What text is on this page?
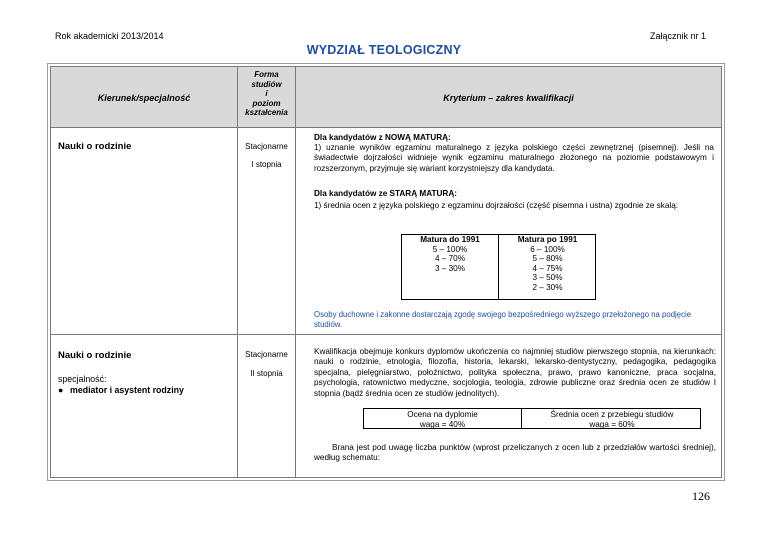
Rok akademicki 2013/2014	Załącznik nr 1
WYDZIAŁ TEOLOGICZNY
Kierunek/specjalność
Forma
studiów
i
poziom
kształcenia
Kryterium – zakres kwalifikacji
Nauki o rodzinie	Stacjonarne
I stopnia
Dla kandydatów z NOWĄ MATURĄ:
1) uznanie wyników egzaminu maturalnego z języka polskiego części zewnętrznej (pisemnej). Jeśli na świadectwie dojrzałości widnieje wynik egzaminu maturalnego złożonego na poziomie podstawowym i rozszerzonym, przyjmuje się wariant korzystniejszy dla kandydata.
Dla kandydatów ze STARĄ MATURĄ:
1) średnia ocen z języka polskiego z egzaminu dojrzałości (część pisemna i ustna) zgodnie ze skalą:
Matura do 1991
5 – 100%
4 – 70%
3 – 30%
Matura po 1991
6 – 100%
5 – 80%
4 – 75%
3 – 50%
2 – 30%
Osoby duchowne i zakonne dostarczają zgodę swojego bezpośredniego wyższego przełożonego na podjęcie studiów.
Nauki o rodzinie
specjalność:
● mediator i asystent rodziny
Stacjonarne
II stopnia
Kwalifikacja obejmuje konkurs dyplomów ukończenia co najmniej studiów pierwszego stopnia, na kierunkach: nauki o rodzinie, etnologia, filozofia, historia, lekarski, lekarsko-dentystyczny, pedagogika, pedagogika specjalna, pielęgniarstwo, położnictwo, polityka społeczna, prawo, prawo kanoniczne, praca socjalna, psychologia, ratownictwo medyczne, socjologia, teologia, zdrowie publiczne oraz średnia ocen ze studiów I stopnia (bądź średnia ocen ze studiów jednolitych).
Brana jest pod uwagę liczba punktów (wprost przeliczanych z ocen lub z przedziałów wartości średniej), według schematu:
Ocena na dyplomie
waga = 40%
Średnia ocen z przebiegu studiów
waga = 60%
126
